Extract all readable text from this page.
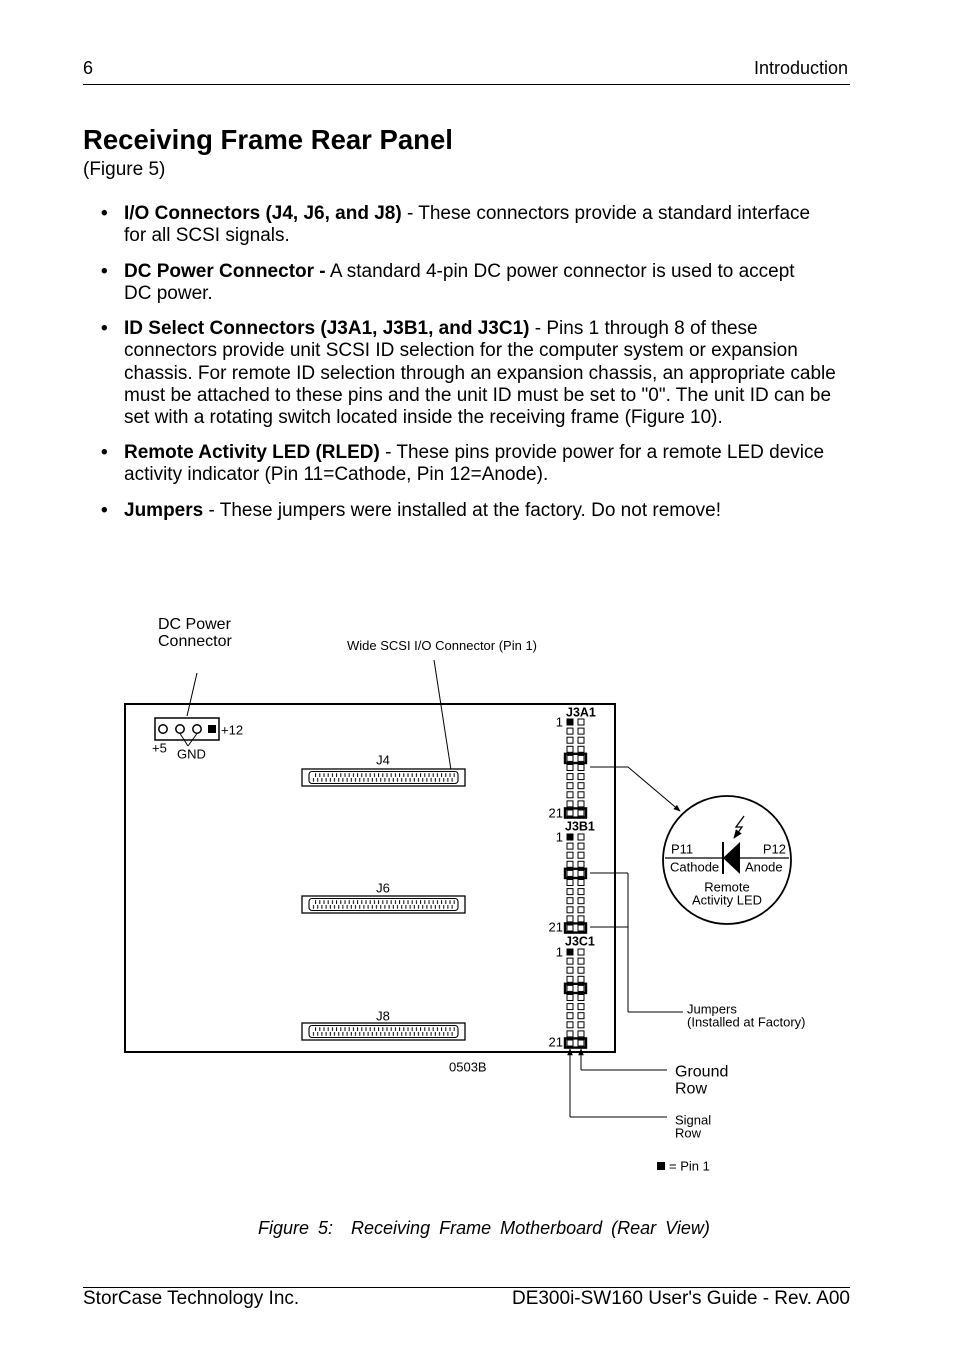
6	Introduction
Receiving Frame Rear Panel
(Figure 5)
•

I/O Connectors (J4, J6, and J8) - These connectors provide a standard interface
for all SCSI signals.

•

DC Power Connector - A standard 4-pin DC power connector is used to accept
DC power.

•

ID Select Connectors (J3A1, J3B1, and J3C1) - Pins 1 through 8 of these
connectors provide unit SCSI ID selection for the computer system or expansion
chassis. For remote ID selection through an expansion chassis, an appropriate cable
must be attached to these pins and the unit ID must be set to "0". The unit ID can be
set with a rotating switch located inside the receiving frame (Figure 10).

•

Remote Activity LED (RLED) - These pins provide power for a remote LED device
activity indicator (Pin 11=Cathode, Pin 12=Anode).

•

Jumpers - These jumpers were installed at the factory. Do not remove!

DC Power
Connector	Wide SCSI I/O Connector (Pin 1)
+12
+5 GND	J4
J6
J8
J3A1
1
21
J3B1
1
21
J3C1
1
21
P11	P12
Cathode Anode
Remote
Activity LED
Jumpers
(Installed at Factory)
0503B	Ground
Row
Signal
Row
= Pin 1
Figure 5:  Receiving Frame Motherboard (Rear View)
StorCase Technology Inc.	DE300i-SW160 User's Guide - Rev. A00
